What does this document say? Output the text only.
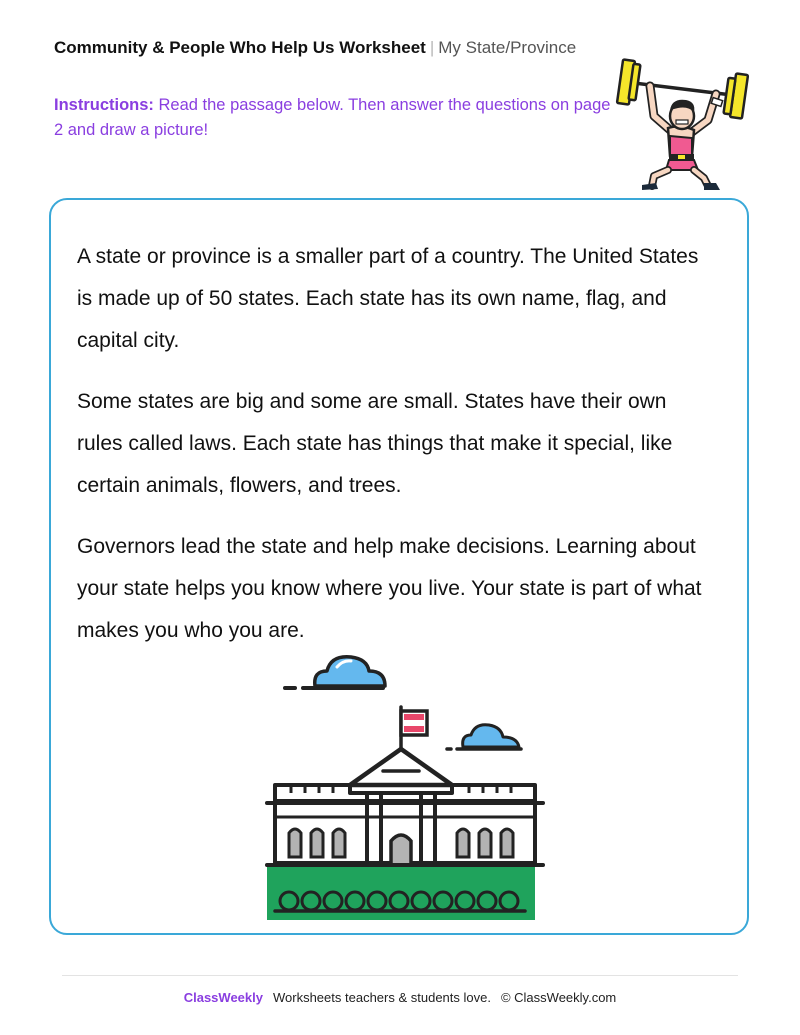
Community & People Who Help Us Worksheet | My State/Province
Instructions: Read the passage below. Then answer the questions on page 2 and draw a picture!

A state or province is a smaller part of a country. The United States is made up of 50 states. Each state has its own name, flag, and capital city.

Some states are big and some are small. States have their own rules called laws. Each state has things that make it special, like certain animals, flowers, and trees.

Governors lead the state and help make decisions. Learning about your state helps you know where you live. Your state is part of what makes you who you are.

ClassWeekly Worksheets teachers & students love. © ClassWeekly.com
